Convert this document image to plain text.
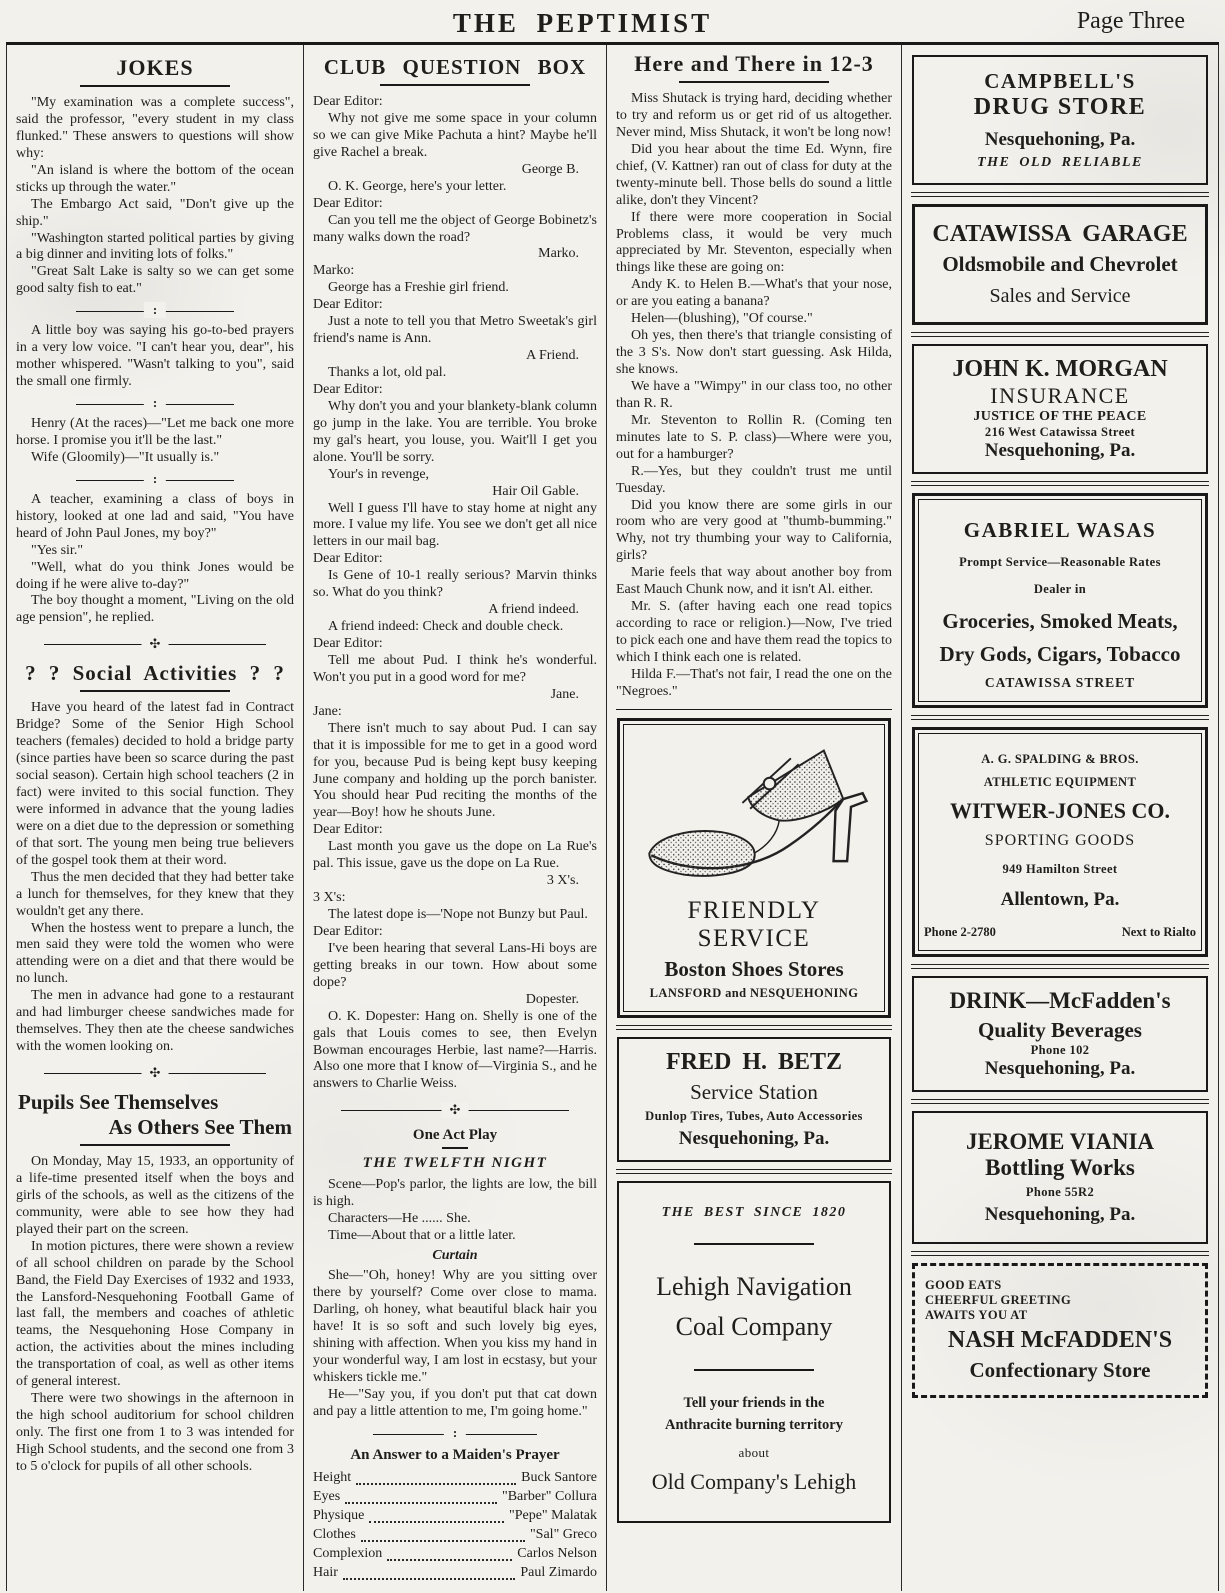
THE PEPTIMIST	Page Three
JOKES

"My examination was a complete success", said the professor, "every student in my class flunked." These answers to questions will show why:

"An island is where the bottom of the ocean sticks up through the water."

The Embargo Act said, "Don't give up the ship."

"Washington started political parties by giving a big dinner and inviting lots of folks."

"Great Salt Lake is salty so we can get some good salty fish to eat."

:

A little boy was saying his go-to-bed prayers in a very low voice. "I can't hear you, dear", his mother whispered. "Wasn't talking to you", said the small one firmly.

:

Henry (At the races)—"Let me back one more horse. I promise you it'll be the last."

Wife (Gloomily)—"It usually is."

:

A teacher, examining a class of boys in history, looked at one lad and said, "You have heard of John Paul Jones, my boy?"

"Yes sir."

"Well, what do you think Jones would be doing if he were alive to-day?"

The boy thought a moment, "Living on the old age pension", he replied.

✣
? ? Social Activities ? ?

Have you heard of the latest fad in Contract Bridge? Some of the Senior High School teachers (females) decided to hold a bridge party (since parties have been so scarce during the past social season). Certain high school teachers (2 in fact) were invited to this social function. They were informed in advance that the young ladies were on a diet due to the depression or something of that sort. The young men being true believers of the gospel took them at their word.

Thus the men decided that they had better take a lunch for themselves, for they knew that they wouldn't get any there.

When the hostess went to prepare a lunch, the men said they were told the women who were attending were on a diet and that there would be no lunch.

The men in advance had gone to a restaurant and had limburger cheese sandwiches made for themselves. They then ate the cheese sandwiches with the women looking on.

✣
Pupils See Themselves
As Others See Them

On Monday, May 15, 1933, an opportunity of a life-time presented itself when the boys and girls of the schools, as well as the citizens of the community, were able to see how they had played their part on the screen.

In motion pictures, there were shown a review of all school children on parade by the School Band, the Field Day Exercises of 1932 and 1933, the Lansford-Nesquehoning Football Game of last fall, the members and coaches of athletic teams, the Nesquehoning Hose Company in action, the activities about the mines including the transportation of coal, as well as other items of general interest.

There were two showings in the afternoon in the high school auditorium for school children only. The first one from 1 to 3 was intended for High School students, and the second one from 3 to 5 o'clock for pupils of all other schools.

CLUB QUESTION BOX

Dear Editor:

Why not give me some space in your column so we can give Mike Pachuta a hint? Maybe he'll give Rachel a break.

George B.

O. K. George, here's your letter.

Dear Editor:

Can you tell me the object of George Bobinetz's many walks down the road?

Marko.

Marko:

George has a Freshie girl friend.

Dear Editor:

Just a note to tell you that Metro Sweetak's girl friend's name is Ann.

A Friend.

Thanks a lot, old pal.

Dear Editor:

Why don't you and your blankety-blank column go jump in the lake. You are terrible. You broke my gal's heart, you louse, you. Wait'll I get you alone. You'll be sorry.

Your's in revenge,

Hair Oil Gable.

Well I guess I'll have to stay home at night any more. I value my life. You see we don't get all nice letters in our mail bag.

Dear Editor:

Is Gene of 10-1 really serious? Marvin thinks so. What do you think?

A friend indeed.

A friend indeed: Check and double check.

Dear Editor:

Tell me about Pud. I think he's wonderful. Won't you put in a good word for me?

Jane.

Jane:

There isn't much to say about Pud. I can say that it is impossible for me to get in a good word for you, because Pud is being kept busy keeping June company and holding up the porch banister. You should hear Pud reciting the months of the year—Boy! how he shouts June.

Dear Editor:

Last month you gave us the dope on La Rue's pal. This issue, gave us the dope on La Rue.

3 X's.

3 X's:

The latest dope is—'Nope not Bunzy but Paul.

Dear Editor:

I've been hearing that several Lans-Hi boys are getting breaks in our town. How about some dope?

Dopester.

O. K. Dopester: Hang on. Shelly is one of the gals that Louis comes to see, then Evelyn Bowman encourages Herbie, last name?—Harris. Also one more that I know of—Virginia S., and he answers to Charlie Weiss.

✣
One Act Play
THE TWELFTH NIGHT

Scene—Pop's parlor, the lights are low, the bill is high.

Characters—He ...... She.

Time—About that or a little later.

Curtain

She—"Oh, honey! Why are you sitting over there by yourself? Come over close to mama. Darling, oh honey, what beautiful black hair you have! It is so soft and such lovely big eyes, shining with affection. When you kiss my hand in your wonderful way, I am lost in ecstasy, but your whiskers tickle me."

He—"Say you, if you don't put that cat down and pay a little attention to me, I'm going home."

:
An Answer to a Maiden's Prayer
Height	Buck Santore
Eyes	"Barber" Collura
Physique	"Pepe" Malatak
Clothes	"Sal" Greco
Complexion	Carlos Nelson
Hair	Paul Zimardo
Here and There in 12-3

Miss Shutack is trying hard, deciding whether to try and reform us or get rid of us altogether. Never mind, Miss Shutack, it won't be long now!

Did you hear about the time Ed. Wynn, fire chief, (V. Kattner) ran out of class for duty at the twenty-minute bell. Those bells do sound a little alike, don't they Vincent?

If there were more cooperation in Social Problems class, it would be very much appreciated by Mr. Steventon, especially when things like these are going on:

Andy K. to Helen B.—What's that your nose, or are you eating a banana?

Helen—(blushing), "Of course."

Oh yes, then there's that triangle consisting of the 3 S's. Now don't start guessing. Ask Hilda, she knows.

We have a "Wimpy" in our class too, no other than R. R.

Mr. Steventon to Rollin R. (Coming ten minutes late to S. P. class)—Where were you, out for a hamburger?

R.—Yes, but they couldn't trust me until Tuesday.

Did you know there are some girls in our room who are very good at "thumb-bumming." Why, not try thumbing your way to California, girls?

Marie feels that way about another boy from East Mauch Chunk now, and it isn't Al. either.

Mr. S. (after having each one read topics according to race or religion.)—Now, I've tried to pick each one and have them read the topics to which I think each one is related.

Hilda F.—That's not fair, I read the one on the "Negroes."

FRIENDLY SERVICE
Boston Shoes Stores
LANSFORD and NESQUEHONING
FRED H. BETZ
Service Station
Dunlop Tires, Tubes, Auto Accessories
Nesquehoning, Pa.
THE BEST SINCE 1820
Lehigh Navigation
Coal Company
Tell your friends in the Anthracite burning territory
about
Old Company's Lehigh
CAMPBELL'S
DRUG STORE
Nesquehoning, Pa.
THE OLD RELIABLE
CATAWISSA GARAGE
Oldsmobile and Chevrolet
Sales and Service
JOHN K. MORGAN
INSURANCE
JUSTICE OF THE PEACE
216 West Catawissa Street
Nesquehoning, Pa.
GABRIEL WASAS
Prompt Service—Reasonable Rates
Dealer in
Groceries, Smoked Meats,
Dry Gods, Cigars, Tobacco
CATAWISSA STREET
A. G. SPALDING & BROS.
ATHLETIC EQUIPMENT
WITWER-JONES CO.
SPORTING GOODS
949 Hamilton Street
Allentown, Pa.
Phone 2-2780	Next to Rialto
DRINK—McFadden's
Quality Beverages
Phone 102
Nesquehoning, Pa.
JEROME VIANIA
Bottling Works
Phone 55R2
Nesquehoning, Pa.
GOOD EATS
CHEERFUL GREETING
AWAITS YOU AT
NASH McFADDEN'S
Confectionary Store
